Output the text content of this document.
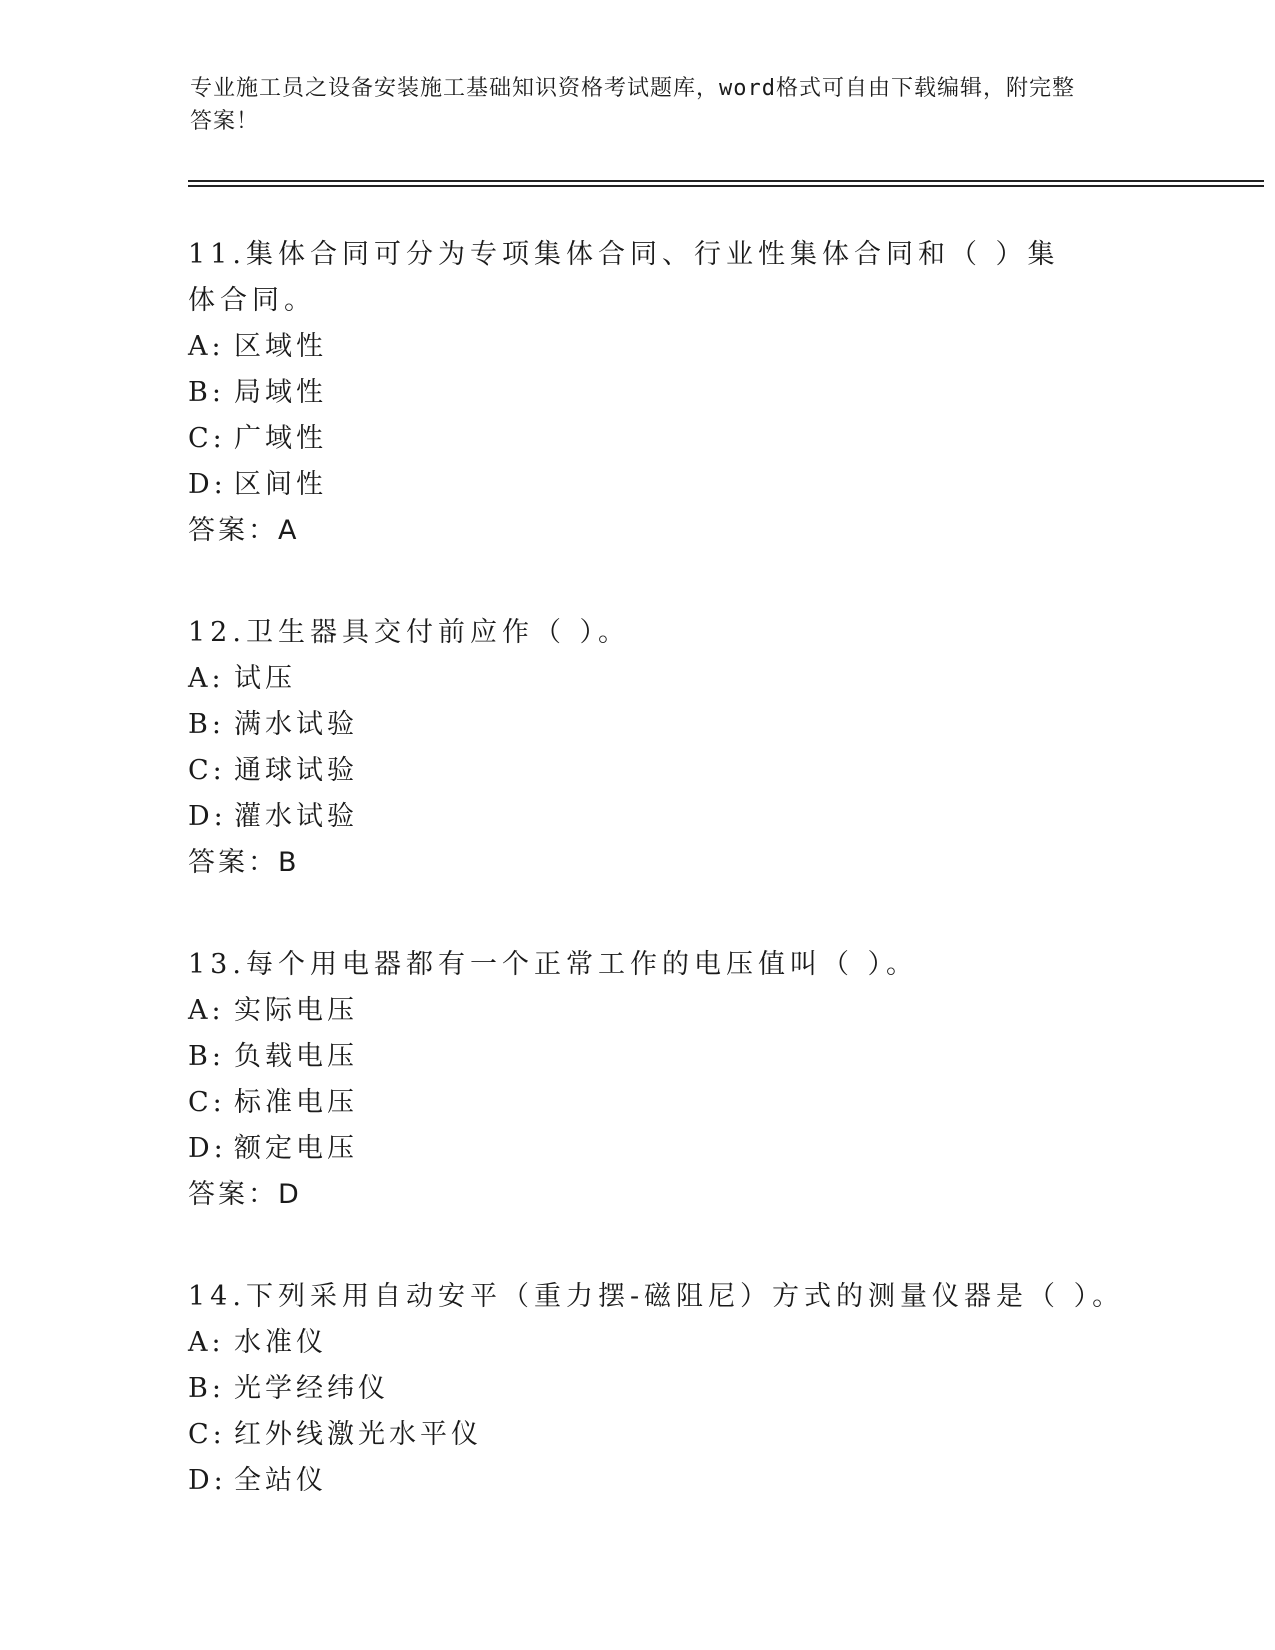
专业施工员之设备安装施工基础知识资格考试题库，word格式可自由下载编辑，附完整答案！

11.集体合同可分为专项集体合同、行业性集体合同和（ ）集体合同。

A: 区域性

B: 局域性

C: 广域性

D: 区间性

答案：A

12.卫生器具交付前应作（ ）。

A: 试压

B: 满水试验

C: 通球试验

D: 灌水试验

答案：B

13.每个用电器都有一个正常工作的电压值叫（ ）。

A: 实际电压

B: 负载电压

C: 标准电压

D: 额定电压

答案：D

14.下列采用自动安平（重力摆-磁阻尼）方式的测量仪器是（ ）。

A: 水准仪

B: 光学经纬仪

C: 红外线激光水平仪

D: 全站仪
